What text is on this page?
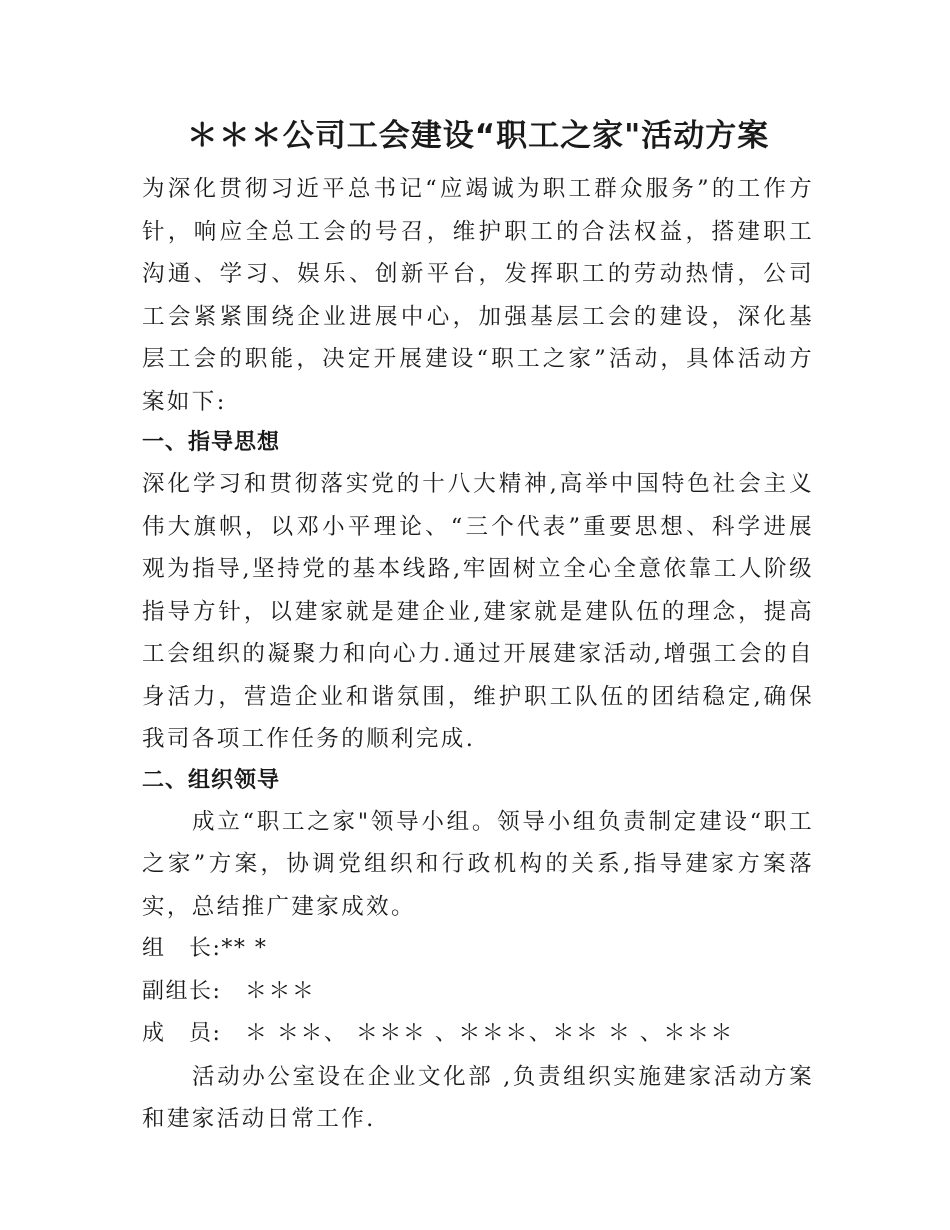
＊＊＊公司工会建设“职工之家"活动方案

为深化贯彻习近平总书记“应竭诚为职工群众服务”的工作方针，响应全总工会的号召，维护职工的合法权益，搭建职工沟通、学习、娱乐、创新平台，发挥职工的劳动热情，公司工会紧紧围绕企业进展中心，加强基层工会的建设，深化基层工会的职能，决定开展建设“职工之家”活动，具体活动方案如下:

一、指导思想

深化学习和贯彻落实党的十八大精神,高举中国特色社会主义伟大旗帜，以邓小平理论、“三个代表”重要思想、科学进展观为指导,坚持党的基本线路,牢固树立全心全意依靠工人阶级指导方针，以建家就是建企业,建家就是建队伍的理念，提高工会组织的凝聚力和向心力.通过开展建家活动,增强工会的自身活力，营造企业和谐氛围，维护职工队伍的团结稳定,确保我司各项工作任务的顺利完成.

二、组织领导

成立“职工之家"领导小组。领导小组负责制定建设“职工之家”方案，协调党组织和行政机构的关系,指导建家方案落实，总结推广建家成效。

组　长:** *
副组长:　＊＊＊
成　员:　＊ ＊＊、 ＊＊＊ 、＊＊＊、＊＊ ＊ 、＊＊＊

活动办公室设在企业文化部 ,负责组织实施建家活动方案和建家活动日常工作.
